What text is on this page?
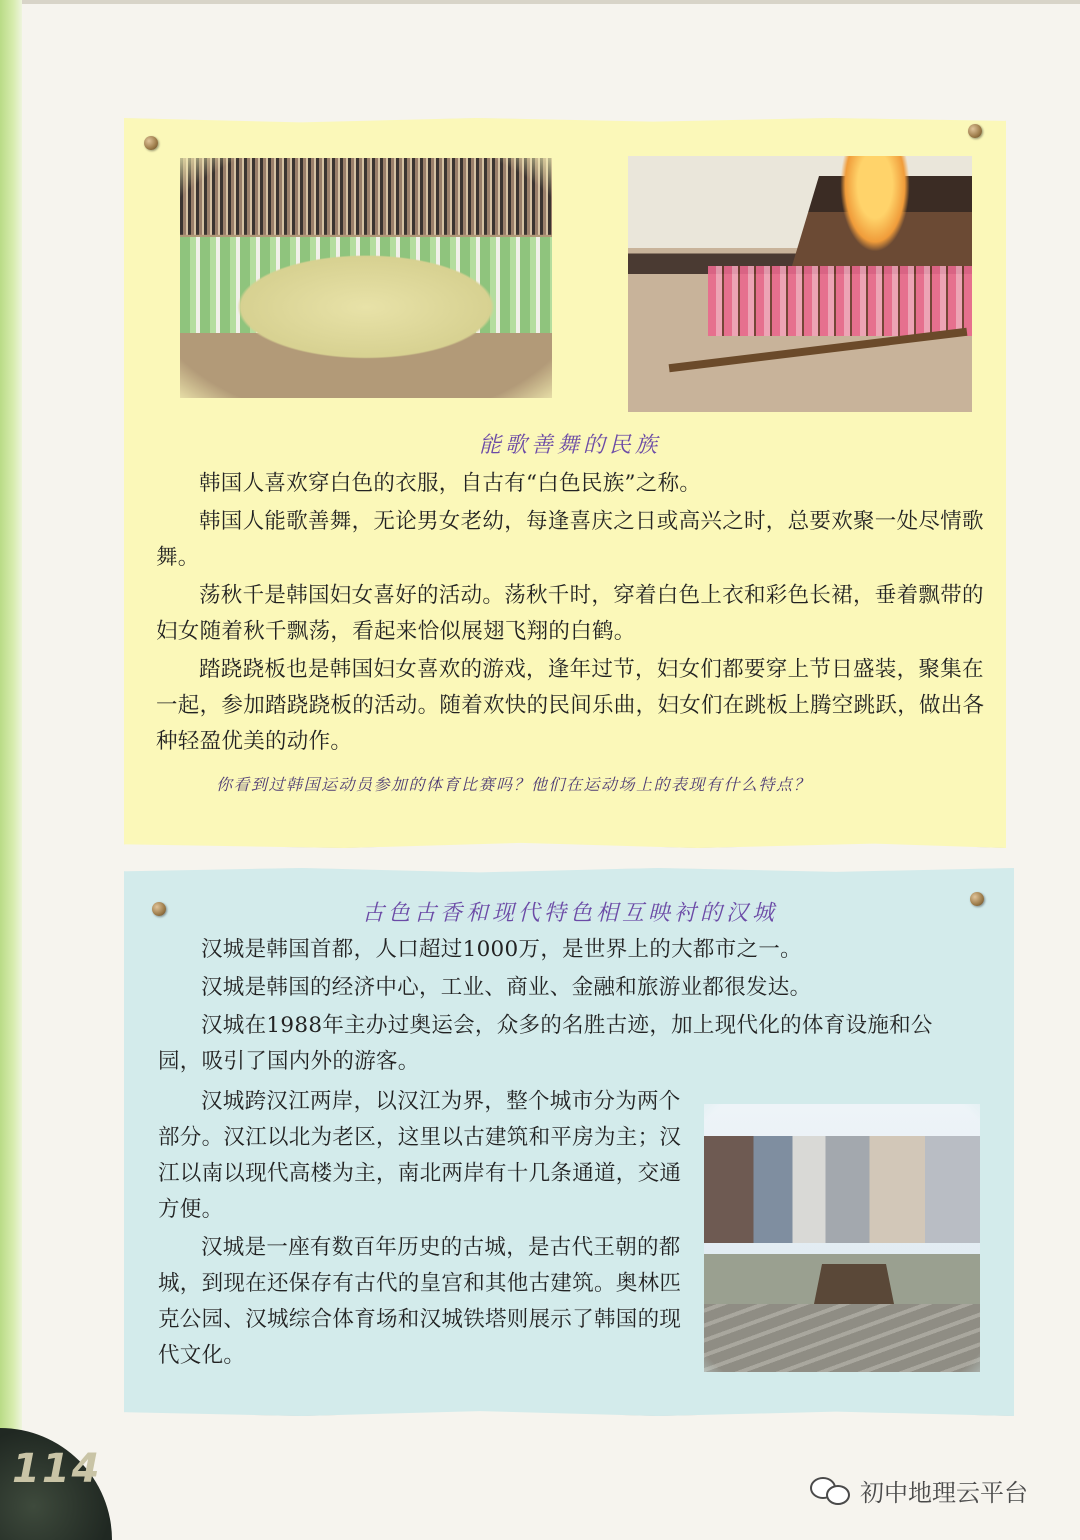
能歌善舞的民族

韩国人喜欢穿白色的衣服，自古有“白色民族”之称。

韩国人能歌善舞，无论男女老幼，每逢喜庆之日或高兴之时，总要欢聚一处尽情歌舞。

荡秋千是韩国妇女喜好的活动。荡秋千时，穿着白色上衣和彩色长裙，垂着飘带的妇女随着秋千飘荡，看起来恰似展翅飞翔的白鹤。

踏跷跷板也是韩国妇女喜欢的游戏，逢年过节，妇女们都要穿上节日盛装，聚集在一起，参加踏跷跷板的活动。随着欢快的民间乐曲，妇女们在跳板上腾空跳跃，做出各种轻盈优美的动作。

你看到过韩国运动员参加的体育比赛吗？他们在运动场上的表现有什么特点？
古色古香和现代特色相互映衬的汉城

汉城是韩国首都，人口超过1000万，是世界上的大都市之一。

汉城是韩国的经济中心，工业、商业、金融和旅游业都很发达。

汉城在1988年主办过奥运会，众多的名胜古迹，加上现代化的体育设施和公园，吸引了国内外的游客。

汉城跨汉江两岸，以汉江为界，整个城市分为两个部分。汉江以北为老区，这里以古建筑和平房为主；汉江以南以现代高楼为主，南北两岸有十几条通道，交通方便。

汉城是一座有数百年历史的古城，是古代王朝的都城，到现在还保存有古代的皇宫和其他古建筑。奥林匹克公园、汉城综合体育场和汉城铁塔则展示了韩国的现代文化。

114
初中地理云平台
